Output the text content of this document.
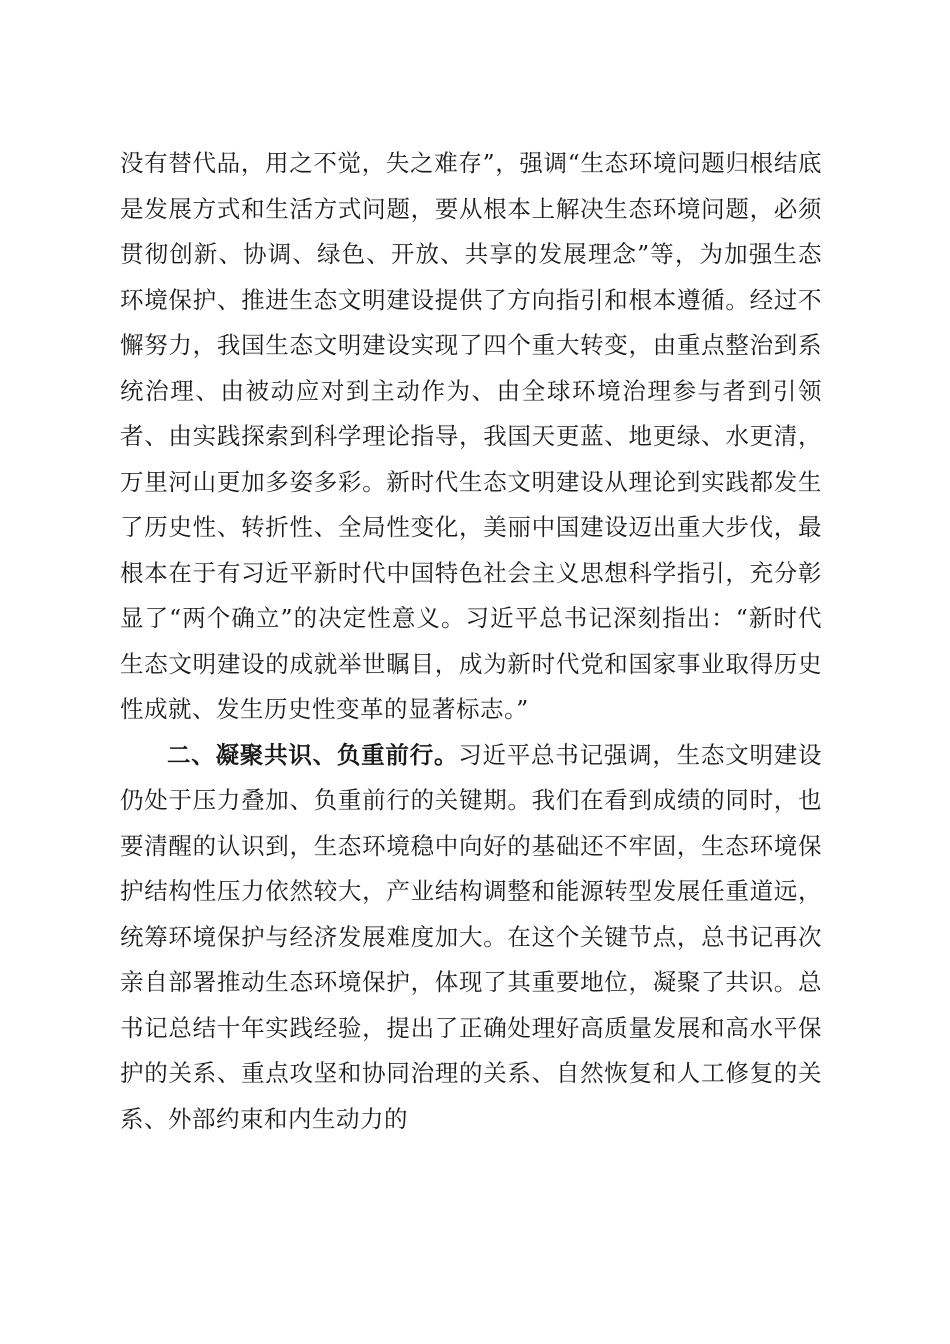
没有替代品，用之不觉，失之难存”，强调“生态环境问题归根结底是发展方式和生活方式问题，要从根本上解决生态环境问题，必须贯彻创新、协调、绿色、开放、共享的发展理念”等，为加强生态环境保护、推进生态文明建设提供了方向指引和根本遵循。经过不懈努力，我国生态文明建设实现了四个重大转变，由重点整治到系统治理、由被动应对到主动作为、由全球环境治理参与者到引领者、由实践探索到科学理论指导，我国天更蓝、地更绿、水更清，万里河山更加多姿多彩。新时代生态文明建设从理论到实践都发生了历史性、转折性、全局性变化，美丽中国建设迈出重大步伐，最根本在于有习近平新时代中国特色社会主义思想科学指引，充分彰显了“两个确立”的决定性意义。习近平总书记深刻指出：“新时代生态文明建设的成就举世瞩目，成为新时代党和国家事业取得历史性成就、发生历史性变革的显著标志。”

二、凝聚共识、负重前行。习近平总书记强调，生态文明建设仍处于压力叠加、负重前行的关键期。我们在看到成绩的同时，也要清醒的认识到，生态环境稳中向好的基础还不牢固，生态环境保护结构性压力依然较大，产业结构调整和能源转型发展任重道远，统筹环境保护与经济发展难度加大。在这个关键节点，总书记再次亲自部署推动生态环境保护，体现了其重要地位，凝聚了共识。总书记总结十年实践经验，提出了正确处理好高质量发展和高水平保护的关系、重点攻坚和协同治理的关系、自然恢复和人工修复的关系、外部约束和内生动力的
